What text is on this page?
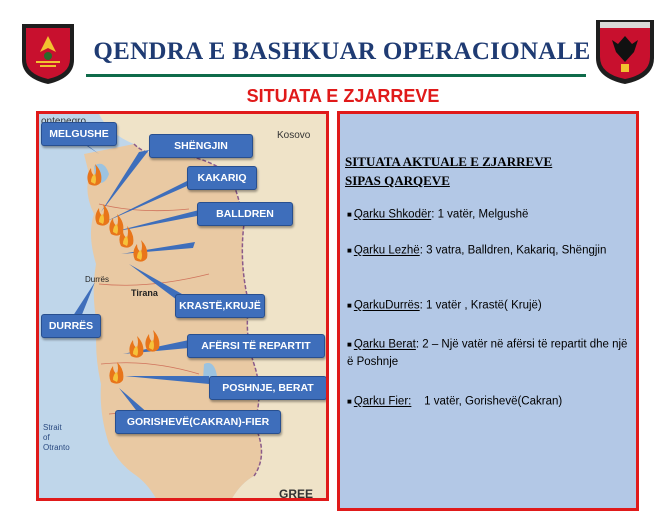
QENDRA E BASHKUAR OPERACIONALE
SITUATA E ZJARREVE
Kosovo
Tirana
Durrës
Strait
of
Otranto
GREE
MELGUSHE
SHËNGJIN
KAKARIQ
BALLDREN
DURRËS
KRASTË,KRUJË
AFËRSI TË REPARTIT
POSHNJE, BERAT
GORISHEVË(CAKRAN)-FIER
SITUATA AKTUALE E ZJARREVE
SIPAS QARQEVE
■ Qarku Shkodër: 1 vatër, Melgushë
■ Qarku Lezhë: 3 vatra, Balldren, Kakariq, Shëngjin
■ QarkuDurrës: 1 vatër , Krastë( Krujë)
■ Qarku Berat: 2 – Një vatër në afërsi të repartit dhe një ë Poshnje
■ Qarku Fier:    1 vatër, Gorishevë(Cakran)
